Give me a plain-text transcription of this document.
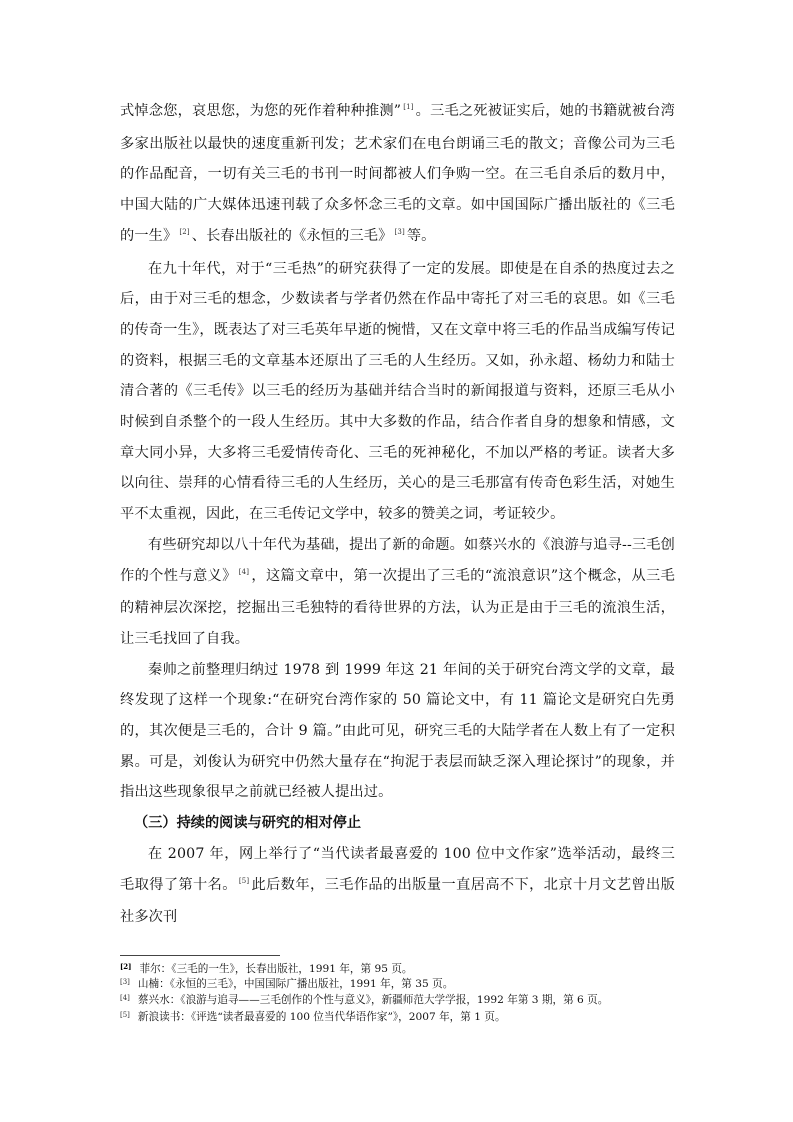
式悼念您，哀思您，为您的死作着种种推测” [1] 。三毛之死被证实后，她的书籍就被台湾多家出版社以最快的速度重新刊发；艺术家们在电台朗诵三毛的散文；音像公司为三毛的作品配音，一切有关三毛的书刊一时间都被人们争购一空。在三毛自杀后的数月中，中国大陆的广大媒体迅速刊载了众多怀念三毛的文章。如中国国际广播出版社的《三毛的一生》 [2] 、长春出版社的《永恒的三毛》 [3] 等。

在九十年代，对于“三毛热”的研究获得了一定的发展。即使是在自杀的热度过去之后，由于对三毛的想念，少数读者与学者仍然在作品中寄托了对三毛的哀思。如《三毛的传奇一生》，既表达了对三毛英年早逝的惋惜，又在文章中将三毛的作品当成编写传记的资料，根据三毛的文章基本还原出了三毛的人生经历。又如，孙永超、杨幼力和陆士清合著的《三毛传》以三毛的经历为基础并结合当时的新闻报道与资料，还原三毛从小时候到自杀整个的一段人生经历。其中大多数的作品，结合作者自身的想象和情感，文章大同小异，大多将三毛爱情传奇化、三毛的死神秘化，不加以严格的考证。读者大多以向往、崇拜的心情看待三毛的人生经历，关心的是三毛那富有传奇色彩生活，对她生平不太重视，因此，在三毛传记文学中，较多的赞美之词，考证较少。

有些研究却以八十年代为基础，提出了新的命题。如蔡兴水的《浪游与追寻--三毛创作的个性与意义》 [4] ，这篇文章中，第一次提出了三毛的“流浪意识”这个概念，从三毛的精神层次深挖，挖掘出三毛独特的看待世界的方法，认为正是由于三毛的流浪生活，让三毛找回了自我。

秦帅之前整理归纳过 1978 到 1999 年这 21 年间的关于研究台湾文学的文章，最终发现了这样一个现象:“在研究台湾作家的 50 篇论文中，有 11 篇论文是研究白先勇的，其次便是三毛的，合计 9 篇。”由此可见，研究三毛的大陆学者在人数上有了一定积累。可是，刘俊认为研究中仍然大量存在“拘泥于表层而缺乏深入理论探讨”的现象，并指出这些现象很早之前就已经被人提出过。

（三）持续的阅读与研究的相对停止

在 2007 年，网上举行了“当代读者最喜爱的 100 位中文作家”选举活动，最终三毛取得了第十名。 [5] 此后数年，三毛作品的出版量一直居高不下，北京十月文艺曾出版社多次刊

[2] 菲尔：《三毛的一生》，长春出版社，1991 年，第 95 页。
[3] 山楠：《永恒的三毛》，中国国际广播出版社，1991 年，第 35 页。
[4] 蔡兴水：《浪游与追寻——三毛创作的个性与意义》，新疆师范大学学报，1992 年第 3 期，第 6 页。
[5] 新浪读书：《评选“读者最喜爱的 100 位当代华语作家”》，2007 年，第 1 页。
